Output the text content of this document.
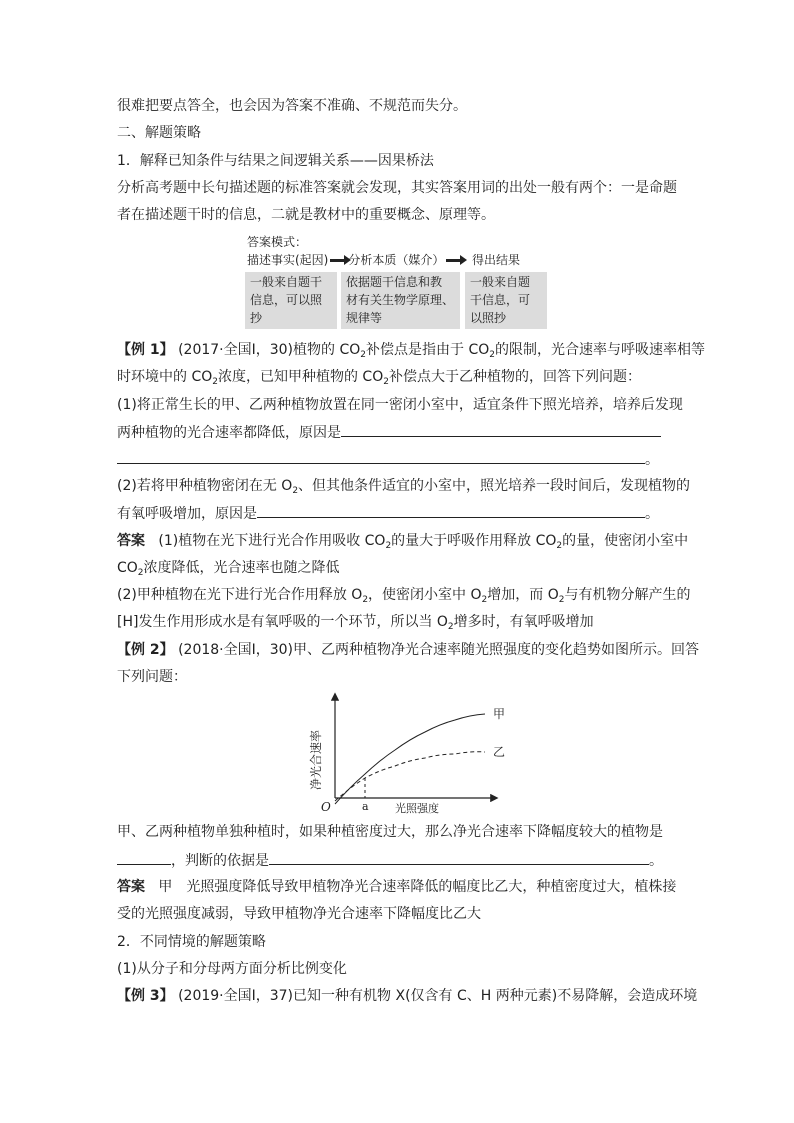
很难把要点答全，也会因为答案不准确、不规范而失分。
二、解题策略
1．解释已知条件与结果之间逻辑关系——因果桥法
分析高考题中长句描述题的标准答案就会发现，其实答案用词的出处一般有两个：一是命题
者在描述题干时的信息，二就是教材中的重要概念、原理等。
答案模式：
描述事实(起因) 分析本质（媒介） 得出结果
一般来自题干
信息，可以照
抄
依据题干信息和教
材有关生物学原理、
规律等
一般来自题
干信息，可
以照抄
【例 1】 (2017·全国Ⅰ，30)植物的 $CO_2$补偿点是指由于 $CO_2$的限制，光合速率与呼吸速率相等
时环境中的 $CO_2$浓度，已知甲种植物的 $CO_2$补偿点大于乙种植物的，回答下列问题：
(1)将正常生长的甲、乙两种植物放置在同一密闭小室中，适宜条件下照光培养，培养后发现
两种植物的光合速率都降低，原因是
。
(2)若将甲种植物密闭在无 $O_2$、但其他条件适宜的小室中，照光培养一段时间后，发现植物的
有氧呼吸增加，原因是	。
答案 (1)植物在光下进行光合作用吸收 $CO_2$的量大于呼吸作用释放 $CO_2$的量，使密闭小室中
$CO_2$浓度降低，光合速率也随之降低
(2)甲种植物在光下进行光合作用释放 $O_2$，使密闭小室中 $O_2$增加，而 $O_2$与有机物分解产生的
[H]发生作用形成水是有氧呼吸的一个环节，所以当 $O_2$增多时，有氧呼吸增加
【例 2】 (2018·全国Ⅰ，30)甲、乙两种植物净光合速率随光照强度的变化趋势如图所示。回答
下列问题：
O
净光合速率
光照强度
甲
乙
a
甲、乙两种植物单独种植时，如果种植密度过大，那么净光合速率下降幅度较大的植物是
，判断的依据是	。
答案 甲　光照强度降低导致甲植物净光合速率降低的幅度比乙大，种植密度过大，植株接
受的光照强度减弱，导致甲植物净光合速率下降幅度比乙大
2．不同情境的解题策略
(1)从分子和分母两方面分析比例变化
【例 3】 (2019·全国Ⅰ，37)已知一种有机物 X(仅含有 C、H 两种元素)不易降解，会造成环境
